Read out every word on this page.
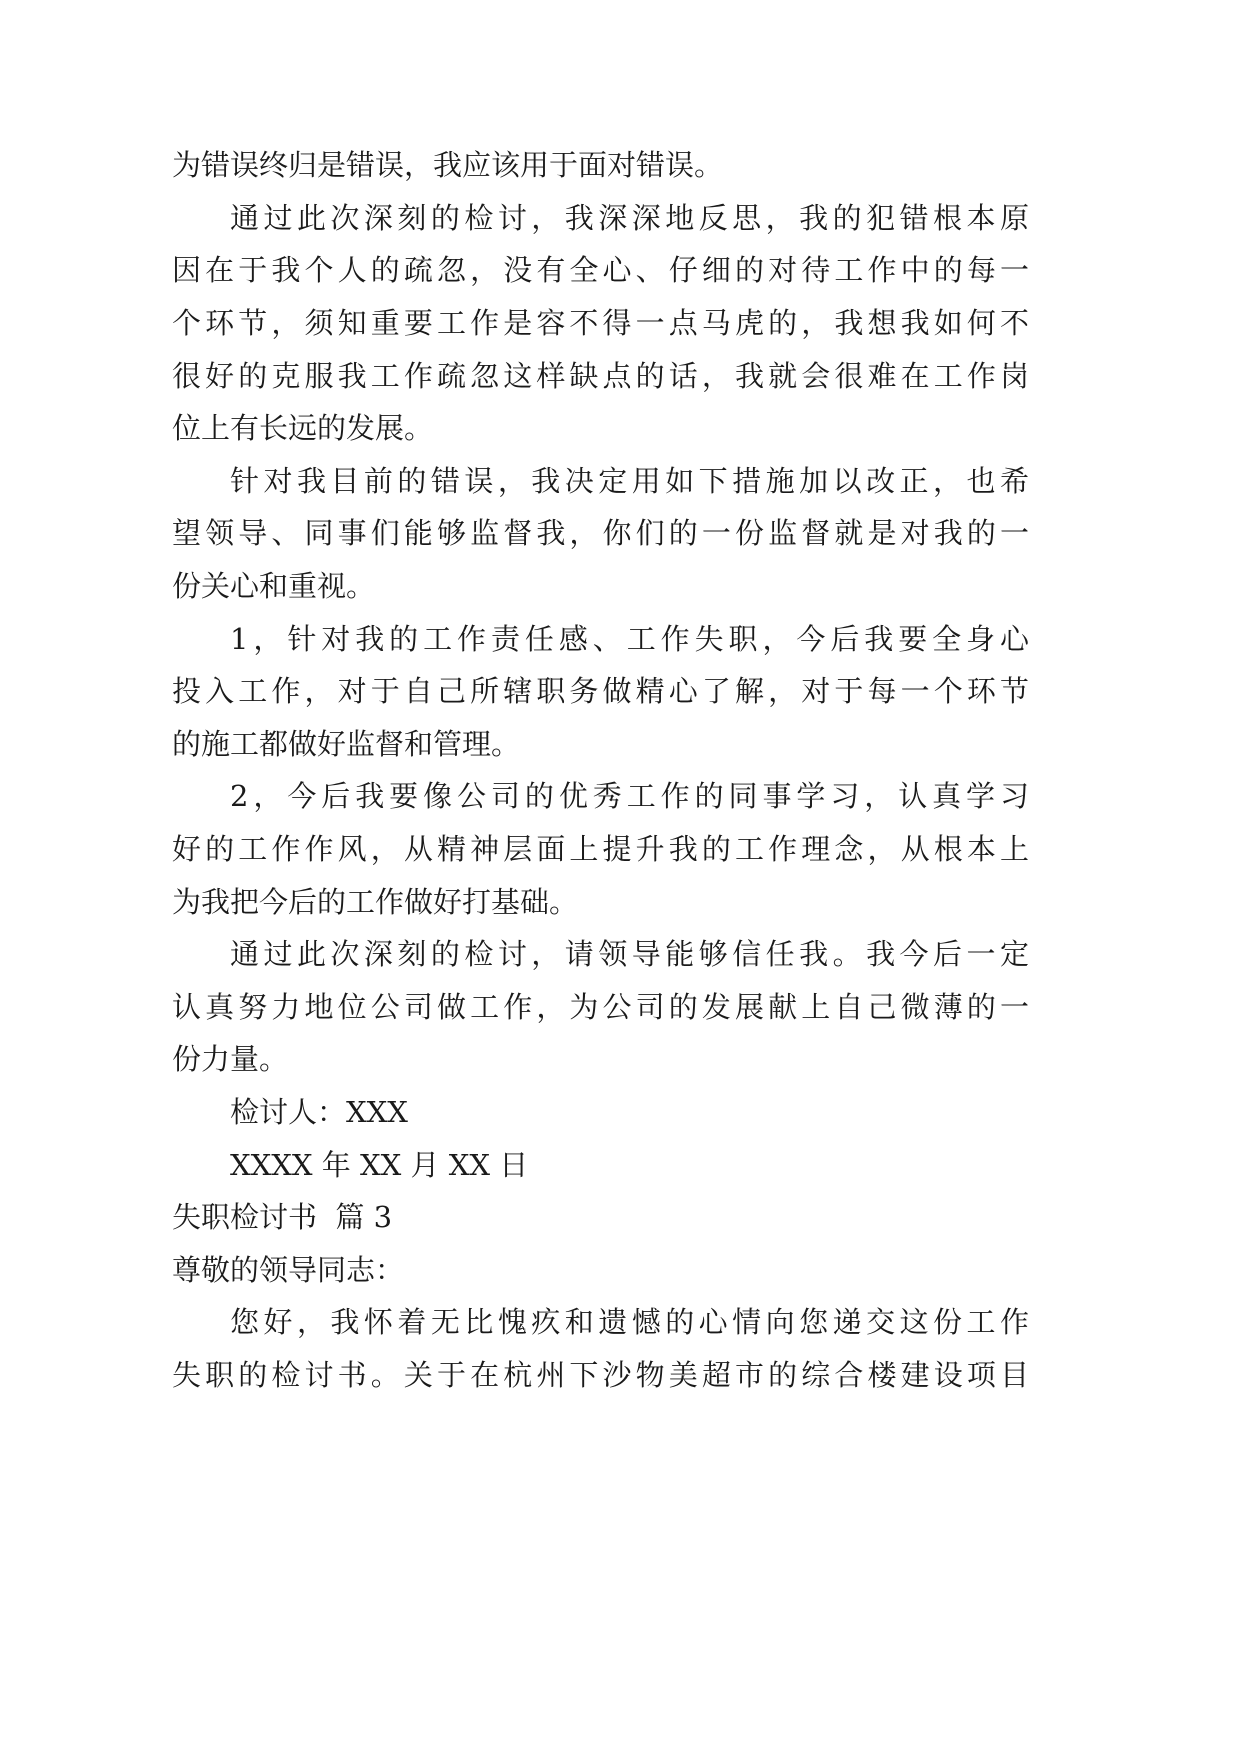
为错误终归是错误，我应该用于面对错误。
通过此次深刻的检讨，我深深地反思，我的犯错根本原
因在于我个人的疏忽，没有全心、仔细的对待工作中的每一
个环节，须知重要工作是容不得一点马虎的，我想我如何不
很好的克服我工作疏忽这样缺点的话，我就会很难在工作岗
位上有长远的发展。
针对我目前的错误，我决定用如下措施加以改正，也希
望领导、同事们能够监督我，你们的一份监督就是对我的一
份关心和重视。
1，针对我的工作责任感、工作失职，今后我要全身心
投入工作，对于自己所辖职务做精心了解，对于每一个环节
的施工都做好监督和管理。
2，今后我要像公司的优秀工作的同事学习，认真学习
好的工作作风，从精神层面上提升我的工作理念，从根本上
为我把今后的工作做好打基础。
通过此次深刻的检讨，请领导能够信任我。我今后一定
认真努力地位公司做工作，为公司的发展献上自己微薄的一
份力量。
检讨人：XXX
XXXX 年 XX 月 XX 日
失职检讨书  篇 3
尊敬的领导同志：
您好，我怀着无比愧疚和遗憾的心情向您递交这份工作
失职的检讨书。关于在杭州下沙物美超市的综合楼建设项目
